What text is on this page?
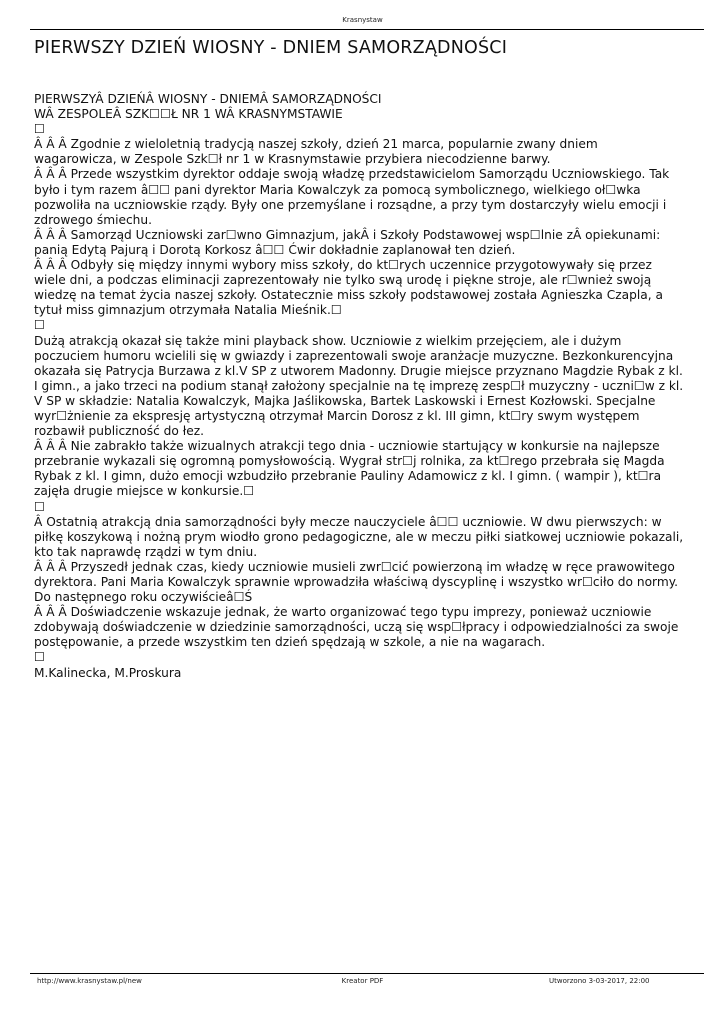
Krasnystaw
PIERWSZY DZIEŃ WIOSNY - DNIEM SAMORZĄDNOŚCI

PIERWSZYÂ DZIEŃÂ WIOSNY - DNIEMÂ SAMORZĄDNOŚCI

WÂ ZESPOLEÂ SZK☐☐Ł NR 1 WÂ KRASNYMSTAWIE

☐

Â Â Â Zgodnie z wieloletnią tradycją naszej szkoły, dzień 21 marca, popularnie zwany dniem wagarowicza, w Zespole Szk☐ł nr 1 w Krasnymstawie przybiera niecodzienne barwy.

Â Â Â Przede wszystkim dyrektor oddaje swoją władzę przedstawicielom Samorządu Uczniowskiego. Tak było i tym razem â☐☐ pani dyrektor Maria Kowalczyk za pomocą symbolicznego, wielkiego oł☐wka pozwoliła na uczniowskie rządy. Były one przemyślane i rozsądne, a przy tym dostarczyły wielu emocji i zdrowego śmiechu.

Â Â Â Samorząd Uczniowski zar☐wno Gimnazjum, jakÂ i Szkoły Podstawowej wsp☐lnie zÂ opiekunami: panią Edytą Pajurą i Dorotą Korkosz â☐☐ Ćwir dokładnie zaplanował ten dzień.

Â Â Â Odbyły się między innymi wybory miss szkoły, do kt☐rych uczennice przygotowywały się przez wiele dni, a podczas eliminacji zaprezentowały nie tylko swą urodę i piękne stroje, ale r☐wnież swoją wiedzę na temat życia naszej szkoły. Ostatecznie miss szkoły podstawowej została Agnieszka Czapla, a tytuł miss gimnazjum otrzymała Natalia Mieśnik.☐

☐

Dużą atrakcją okazał się także mini playback show. Uczniowie z wielkim przejęciem, ale i dużym poczuciem humoru wcielili się w gwiazdy i zaprezentowali swoje aranżacje muzyczne. Bezkonkurencyjna okazała się Patrycja Burzawa z kl.V SP z utworem Madonny. Drugie miejsce przyznano Magdzie Rybak z kl. I gimn., a jako trzeci na podium stanął założony specjalnie na tę imprezę zesp☐ł muzyczny - uczni☐w z kl. V SP w składzie: Natalia Kowalczyk, Majka Jaślikowska, Bartek Laskowski i Ernest Kozłowski. Specjalne wyr☐żnienie za ekspresję artystyczną otrzymał Marcin Dorosz z kl. III gimn, kt☐ry swym występem rozbawił publiczność do łez.

Â Â Â Nie zabrakło także wizualnych atrakcji tego dnia - uczniowie startujący w konkursie na najlepsze przebranie wykazali się ogromną pomysłowością. Wygrał str☐j rolnika, za kt☐rego przebrała się Magda Rybak z kl. I gimn, dużo emocji wzbudziło przebranie Pauliny Adamowicz z kl. I gimn. ( wampir ), kt☐ra zajęła drugie miejsce w konkursie.☐

☐

Â Ostatnią atrakcją dnia samorządności były mecze nauczyciele â☐☐ uczniowie. W dwu pierwszych: w piłkę koszykową i nożną prym wiodło grono pedagogiczne, ale w meczu piłki siatkowej uczniowie pokazali, kto tak naprawdę rządzi w tym dniu.

Â Â Â Przyszedł jednak czas, kiedy uczniowie musieli zwr☐cić powierzoną im władzę w ręce prawowitego dyrektora. Pani Maria Kowalczyk sprawnie wprowadziła właściwą dyscyplinę i wszystko wr☐ciło do normy. Do następnego roku oczywiścieâ☐Ś

Â Â Â Doświadczenie wskazuje jednak, że warto organizować tego typu imprezy, ponieważ uczniowie zdobywają doświadczenie w dziedzinie samorządności, uczą się wsp☐łpracy i odpowiedzialności za swoje postępowanie, a przede wszystkim ten dzień spędzają w szkole, a nie na wagarach.

☐

M.Kalinecka, M.Proskura

http://www.krasnystaw.pl/new	Kreator PDF	Utworzono 3-03-2017, 22:00
